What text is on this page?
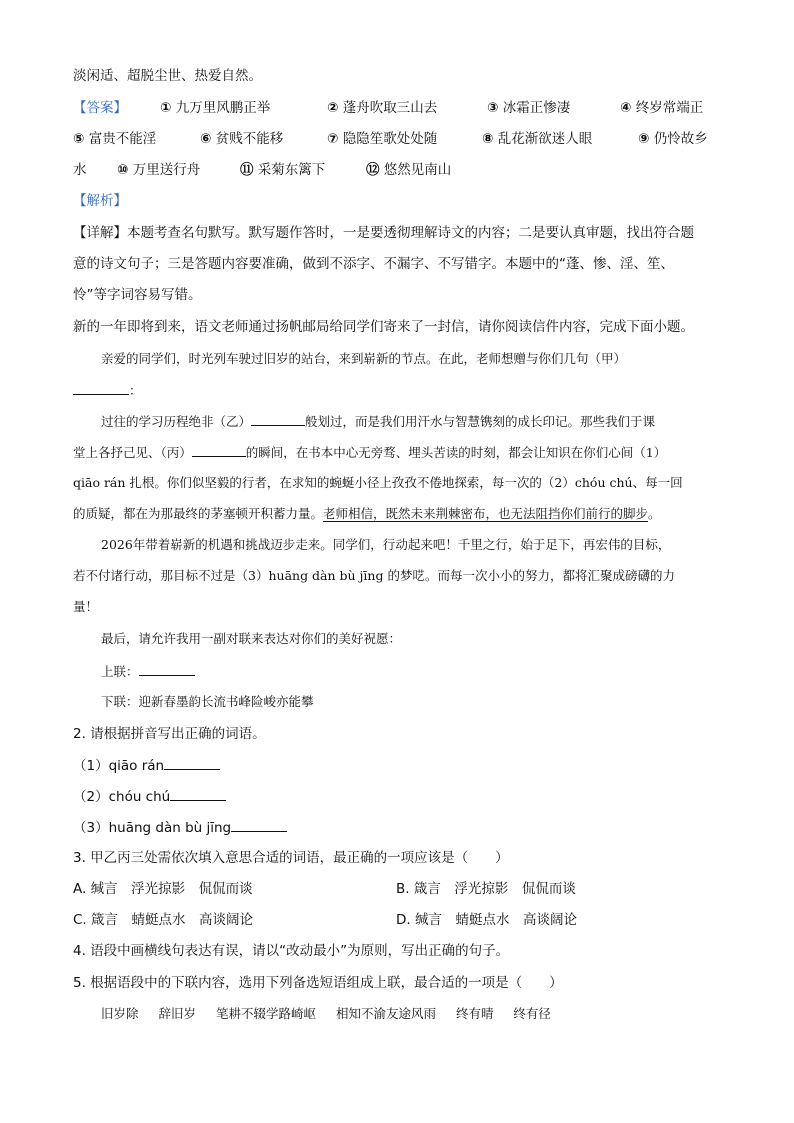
淡闲适、超脱尘世、热爱自然。
【答案】 ① 九万里风鹏正举	② 蓬舟吹取三山去	③ 冰霜正惨凄	④ 终岁常端正
⑤ 富贵不能淫	⑥ 贫贱不能移	⑦ 隐隐笙歌处处随	⑧ 乱花渐欲迷人眼	⑨ 仍怜故乡
水 ⑩ 万里送行舟	⑪ 采菊东篱下	⑫ 悠然见南山
【解析】
【详解】本题考查名句默写。默写题作答时，一是要透彻理解诗文的内容；二是要认真审题，找出符合题
意的诗文句子；三是答题内容要准确，做到不添字、不漏字、不写错字。本题中的“蓬、惨、淫、笙、
怜”等字词容易写错。
新的一年即将到来，语文老师通过扬帆邮局给同学们寄来了一封信，请你阅读信件内容，完成下面小题。
亲爱的同学们，时光列车驶过旧岁的站台，来到崭新的节点。在此，老师想赠与你们几句（甲）
：
过往的学习历程绝非（乙）	般划过，而是我们用汗水与智慧镌刻的成长印记。那些我们于课
堂上各抒己见、（丙）	的瞬间，在书本中心无旁骛、埋头苦读的时刻，都会让知识在你们心间（1）
qiāo rán 扎根。你们似坚毅的行者，在求知的蜿蜒小径上孜孜不倦地探索，每一次的（2）chóu chú、每一回
的质疑，都在为那最终的茅塞顿开积蓄力量。老师相信，既然未来荆棘密布，也无法阻挡你们前行的脚步。
2026年带着崭新的机遇和挑战迈步走来。同学们，行动起来吧！千里之行，始于足下，再宏伟的目标，
若不付诸行动，那目标不过是（3）huāng dàn bù jīng 的梦呓。而每一次小小的努力，都将汇聚成磅礴的力
量！
最后，请允许我用一副对联来表达对你们的美好祝愿：
上联：
下联：迎新春墨韵长流书峰险峻亦能攀
2. 请根据拼音写出正确的词语。
（1）qiāo rán
（2）chóu chú
（3）huāng dàn bù jīng
3. 甲乙丙三处需依次填入意思合适的词语，最正确的一项应该是（　　）
A. 缄言　浮光掠影　侃侃而谈	B. 箴言　浮光掠影　侃侃而谈
C. 箴言　蜻蜓点水　高谈阔论	D. 缄言　蜻蜓点水　高谈阔论
4. 语段中画横线句表达有误，请以“改动最小”为原则，写出正确的句子。
5. 根据语段中的下联内容，选用下列备选短语组成上联，最合适的一项是（　　）
旧岁除 辞旧岁 笔耕不辍学路崎岖 相知不渝友途风雨 终有晴 终有径
